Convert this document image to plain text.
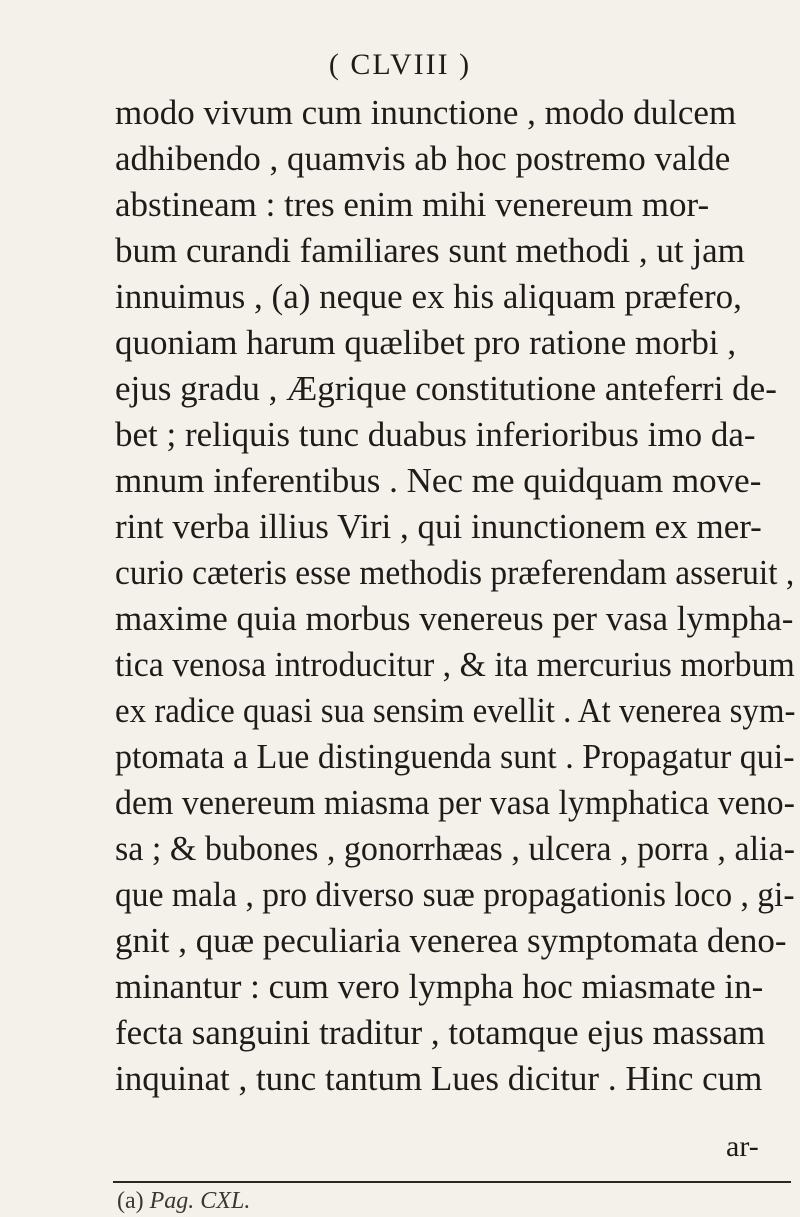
( CLVIII )
modo vivum cum inunctione , modo dulcem
adhibendo , quamvis ab hoc postremo valde
abstineam : tres enim mihi venereum mor-
bum curandi familiares sunt methodi , ut jam
innuimus , (a) neque ex his aliquam præfero,
quoniam harum quælibet pro ratione morbi ,
ejus gradu , Ægrique constitutione anteferri de-
bet ; reliquis tunc duabus inferioribus imo da-
mnum inferentibus . Nec me quidquam move-
rint verba illius Viri , qui inunctionem ex mer-
curio cæteris esse methodis præferendam asseruit ,
maxime quia morbus venereus per vasa lympha-
tica venosa introducitur , & ita mercurius morbum
ex radice quasi sua sensim evellit . At venerea sym-
ptomata a Lue distinguenda sunt . Propagatur qui-
dem venereum miasma per vasa lymphatica veno-
sa ; & bubones , gonorrhæas , ulcera , porra , alia-
que mala , pro diverso suæ propagationis loco , gi-
gnit , quæ peculiaria venerea symptomata deno-
minantur : cum vero lympha hoc miasmate in-
fecta sanguini traditur , totamque ejus massam
inquinat , tunc tantum Lues dicitur . Hinc cum
ar-
(a) Pag. CXL.
